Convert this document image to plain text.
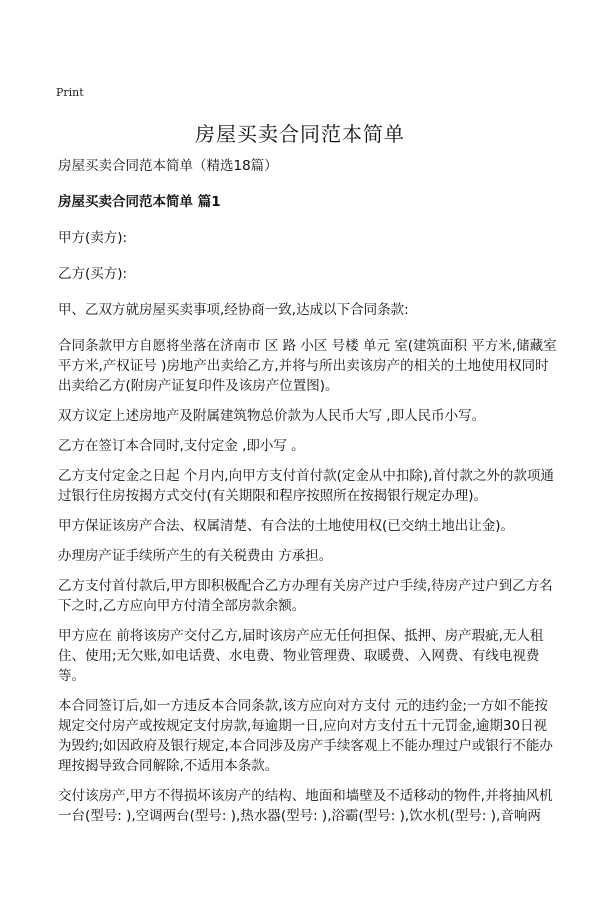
Print
房屋买卖合同范本简单
房屋买卖合同范本简单（精选18篇）
房屋买卖合同范本简单 篇1
甲方(卖方):
乙方(买方):
甲、乙双方就房屋买卖事项,经协商一致,达成以下合同条款:
合同条款甲方自愿将坐落在济南市 区 路 小区 号楼 单元 室(建筑面积 平方米,储藏室 平方米,产权证号 )房地产出卖给乙方,并将与所出卖该房产的相关的土地使用权同时出卖给乙方(附房产证复印件及该房产位置图)。
双方议定上述房地产及附属建筑物总价款为人民币大写 ,即人民币小写。
乙方在签订本合同时,支付定金 ,即小写 。
乙方支付定金之日起 个月内,向甲方支付首付款(定金从中扣除),首付款之外的款项通过银行住房按揭方式交付(有关期限和程序按照所在按揭银行规定办理)。
甲方保证该房产合法、权属清楚、有合法的土地使用权(已交纳土地出让金)。
办理房产证手续所产生的有关税费由 方承担。
乙方支付首付款后,甲方即积极配合乙方办理有关房产过户手续,待房产过户到乙方名下之时,乙方应向甲方付清全部房款余额。
甲方应在 前将该房产交付乙方,届时该房产应无任何担保、抵押、房产瑕疵,无人租住、使用;无欠账,如电话费、水电费、物业管理费、取暖费、入网费、有线电视费等。
本合同签订后,如一方违反本合同条款,该方应向对方支付 元的违约金;一方如不能按规定交付房产或按规定支付房款,每逾期一日,应向对方支付五十元罚金,逾期30日视为毁约;如因政府及银行规定,本合同涉及房产手续客观上不能办理过户或银行不能办理按揭导致合同解除,不适用本条款。
交付该房产,甲方不得损坏该房产的结构、地面和墙壁及不适移动的物件,并将抽风机一台(型号: ),空调两台(型号: ),热水器(型号: ),浴霸(型号: ),饮水机(型号: ),音响两
